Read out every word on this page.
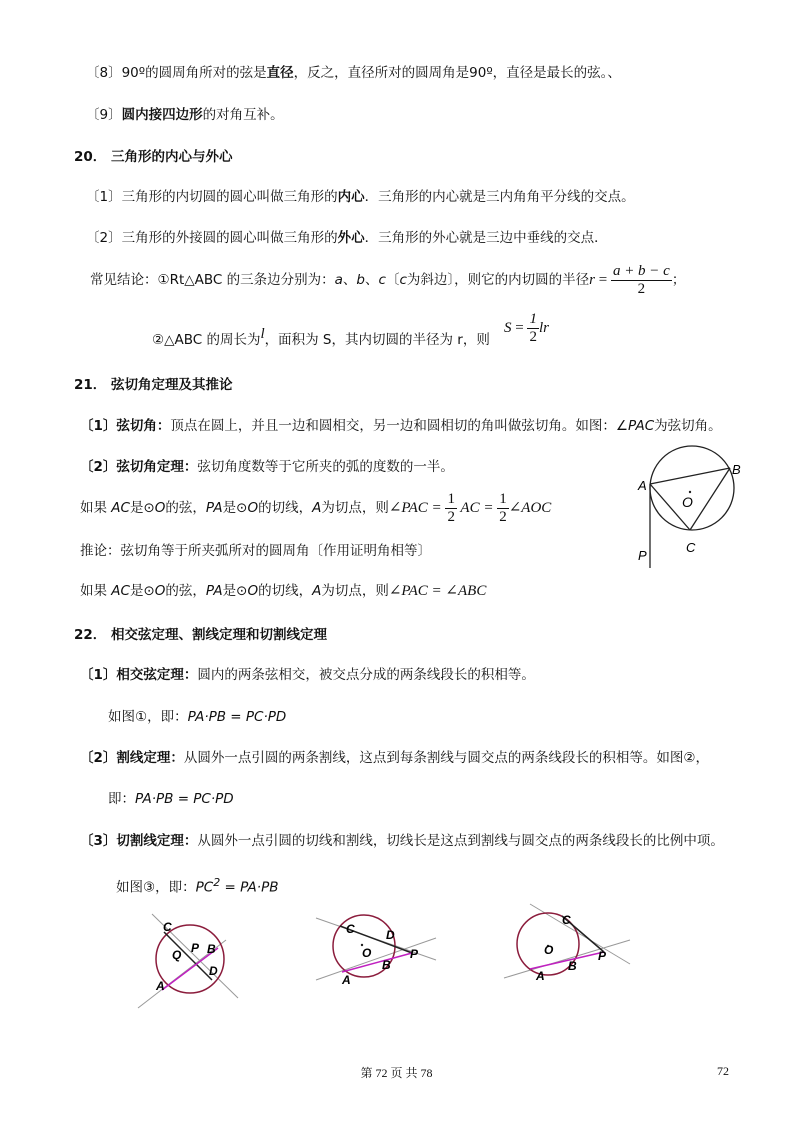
〔8〕90º的圆周角所对的弦是直径，反之，直径所对的圆周角是90º，直径是最长的弦。、
〔9〕圆内接四边形的对角互补。
20． 三角形的内心与外心
〔1〕三角形的内切圆的圆心叫做三角形的内心．三角形的内心就是三内角角平分线的交点。
〔2〕三角形的外接圆的圆心叫做三角形的外心．三角形的外心就是三边中垂线的交点．
常见结论：①Rt△ABC 的三条边分别为：a、b、c〔c为斜边〕，则它的内切圆的半径$r = \frac{a + b - c}{2}$ ；
②△ABC 的周长为l，面积为 S，其内切圆的半径为 r，则
$S = \frac{1}{2}$ lr
21． 弦切角定理及其推论
〔1〕弦切角：顶点在圆上，并且一边和圆相交，另一边和圆相切的角叫做弦切角。如图：∠PAC为弦切角。
〔2〕弦切角定理：弦切角度数等于它所夹的弧的度数的一半。
如果 AC是⊙O的弦，PA是⊙O的切线，A为切点，则∠PAC = $\frac{1}{2}$ AC = $\frac{1}{2}$ ∠AOC
推论：弦切角等于所夹弧所对的圆周角〔作用证明角相等〕
如果 AC是⊙O的弦，PA是⊙O的切线，A为切点，则∠PAC = ∠ABC
A
B
C
O
P
22． 相交弦定理、割线定理和切割线定理
〔1〕相交弦定理：圆内的两条弦相交，被交点分成的两条线段长的积相等。
如图①，即：PA·PB = PC·PD
〔2〕割线定理：从圆外一点引圆的两条割线，这点到每条割线与圆交点的两条线段长的积相等。如图②，
即：PA·PB = PC·PD
〔3〕切割线定理：从圆外一点引圆的切线和割线，切线长是这点到割线与圆交点的两条线段长的比例中项。
如图③，即：$PC^2 = PA\cdot PB$
C
P B
Q
D
A
C	D
O	P
B
A
C
O
B
P
A
第 72 页 共 78	72
